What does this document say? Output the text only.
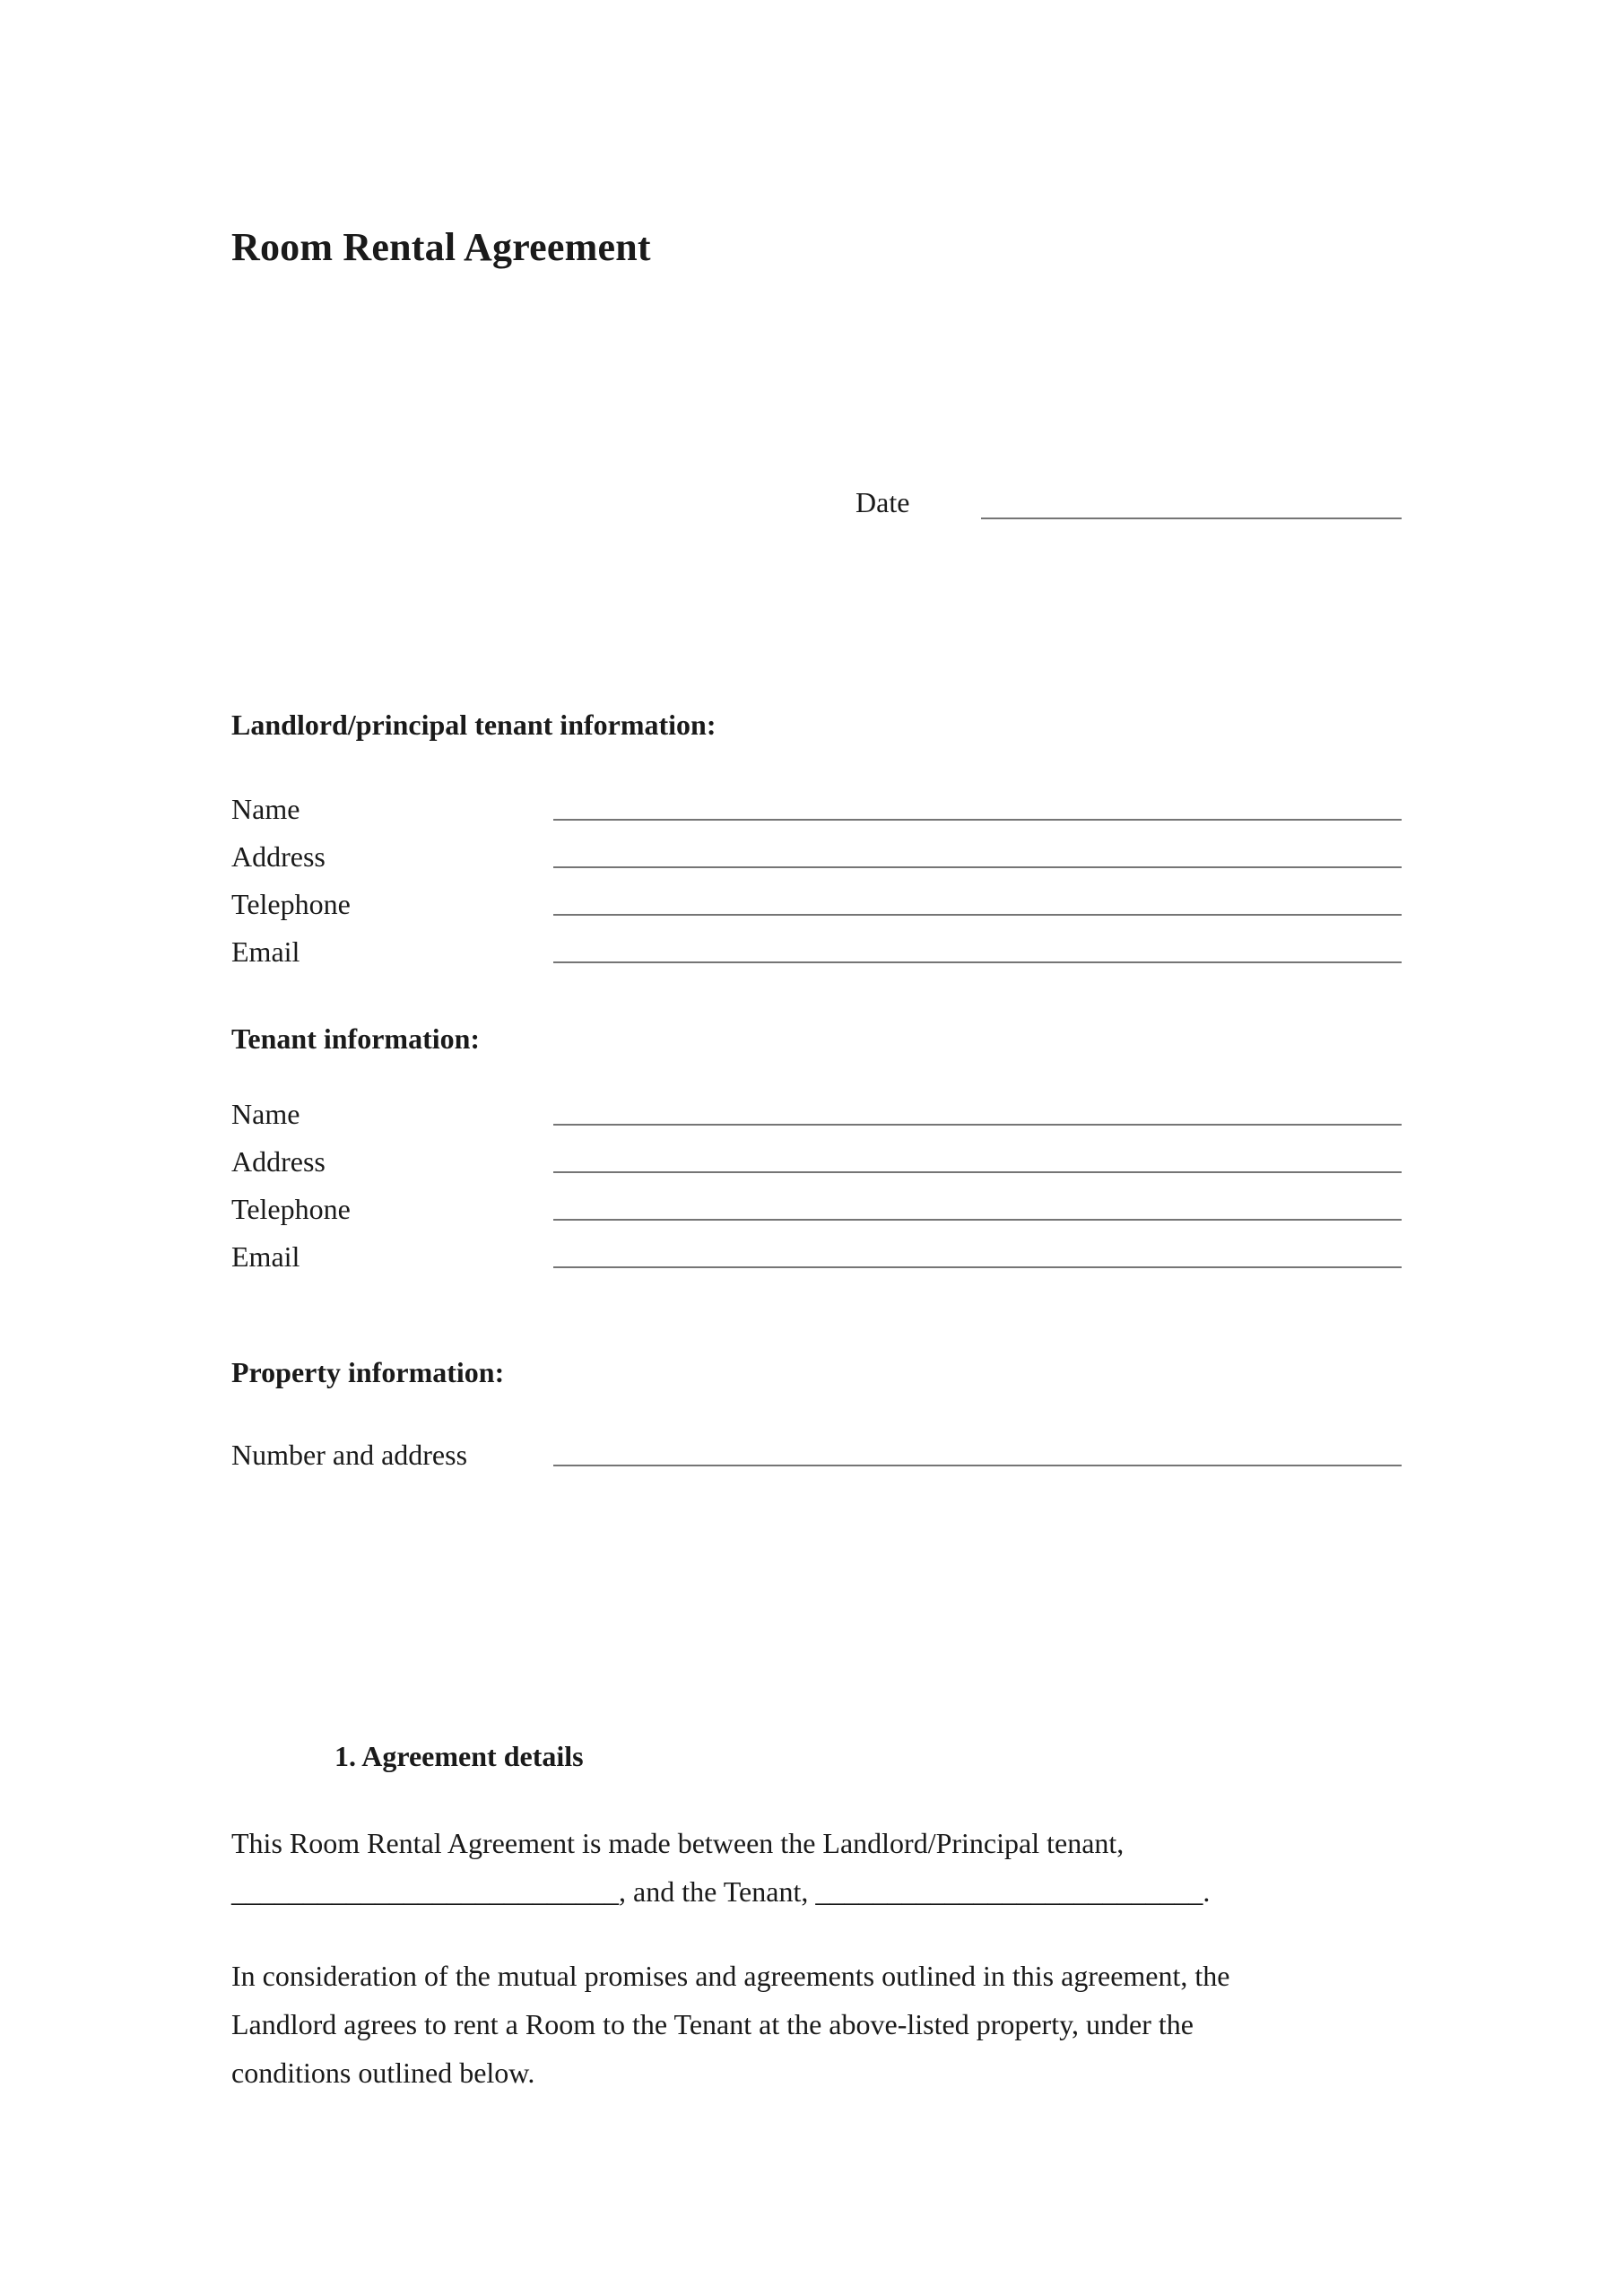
Room Rental Agreement
Date
Landlord/principal tenant information:
Name
Address
Telephone
Email
Tenant information:
Name
Address
Telephone
Email
Property information:
Number and address
1. Agreement details
This Room Rental Agreement is made between the Landlord/Principal tenant,
___________________________, and the Tenant, ___________________________.
In consideration of the mutual promises and agreements outlined in this agreement, the
Landlord agrees to rent a Room to the Tenant at the above-listed property, under the
conditions outlined below.
